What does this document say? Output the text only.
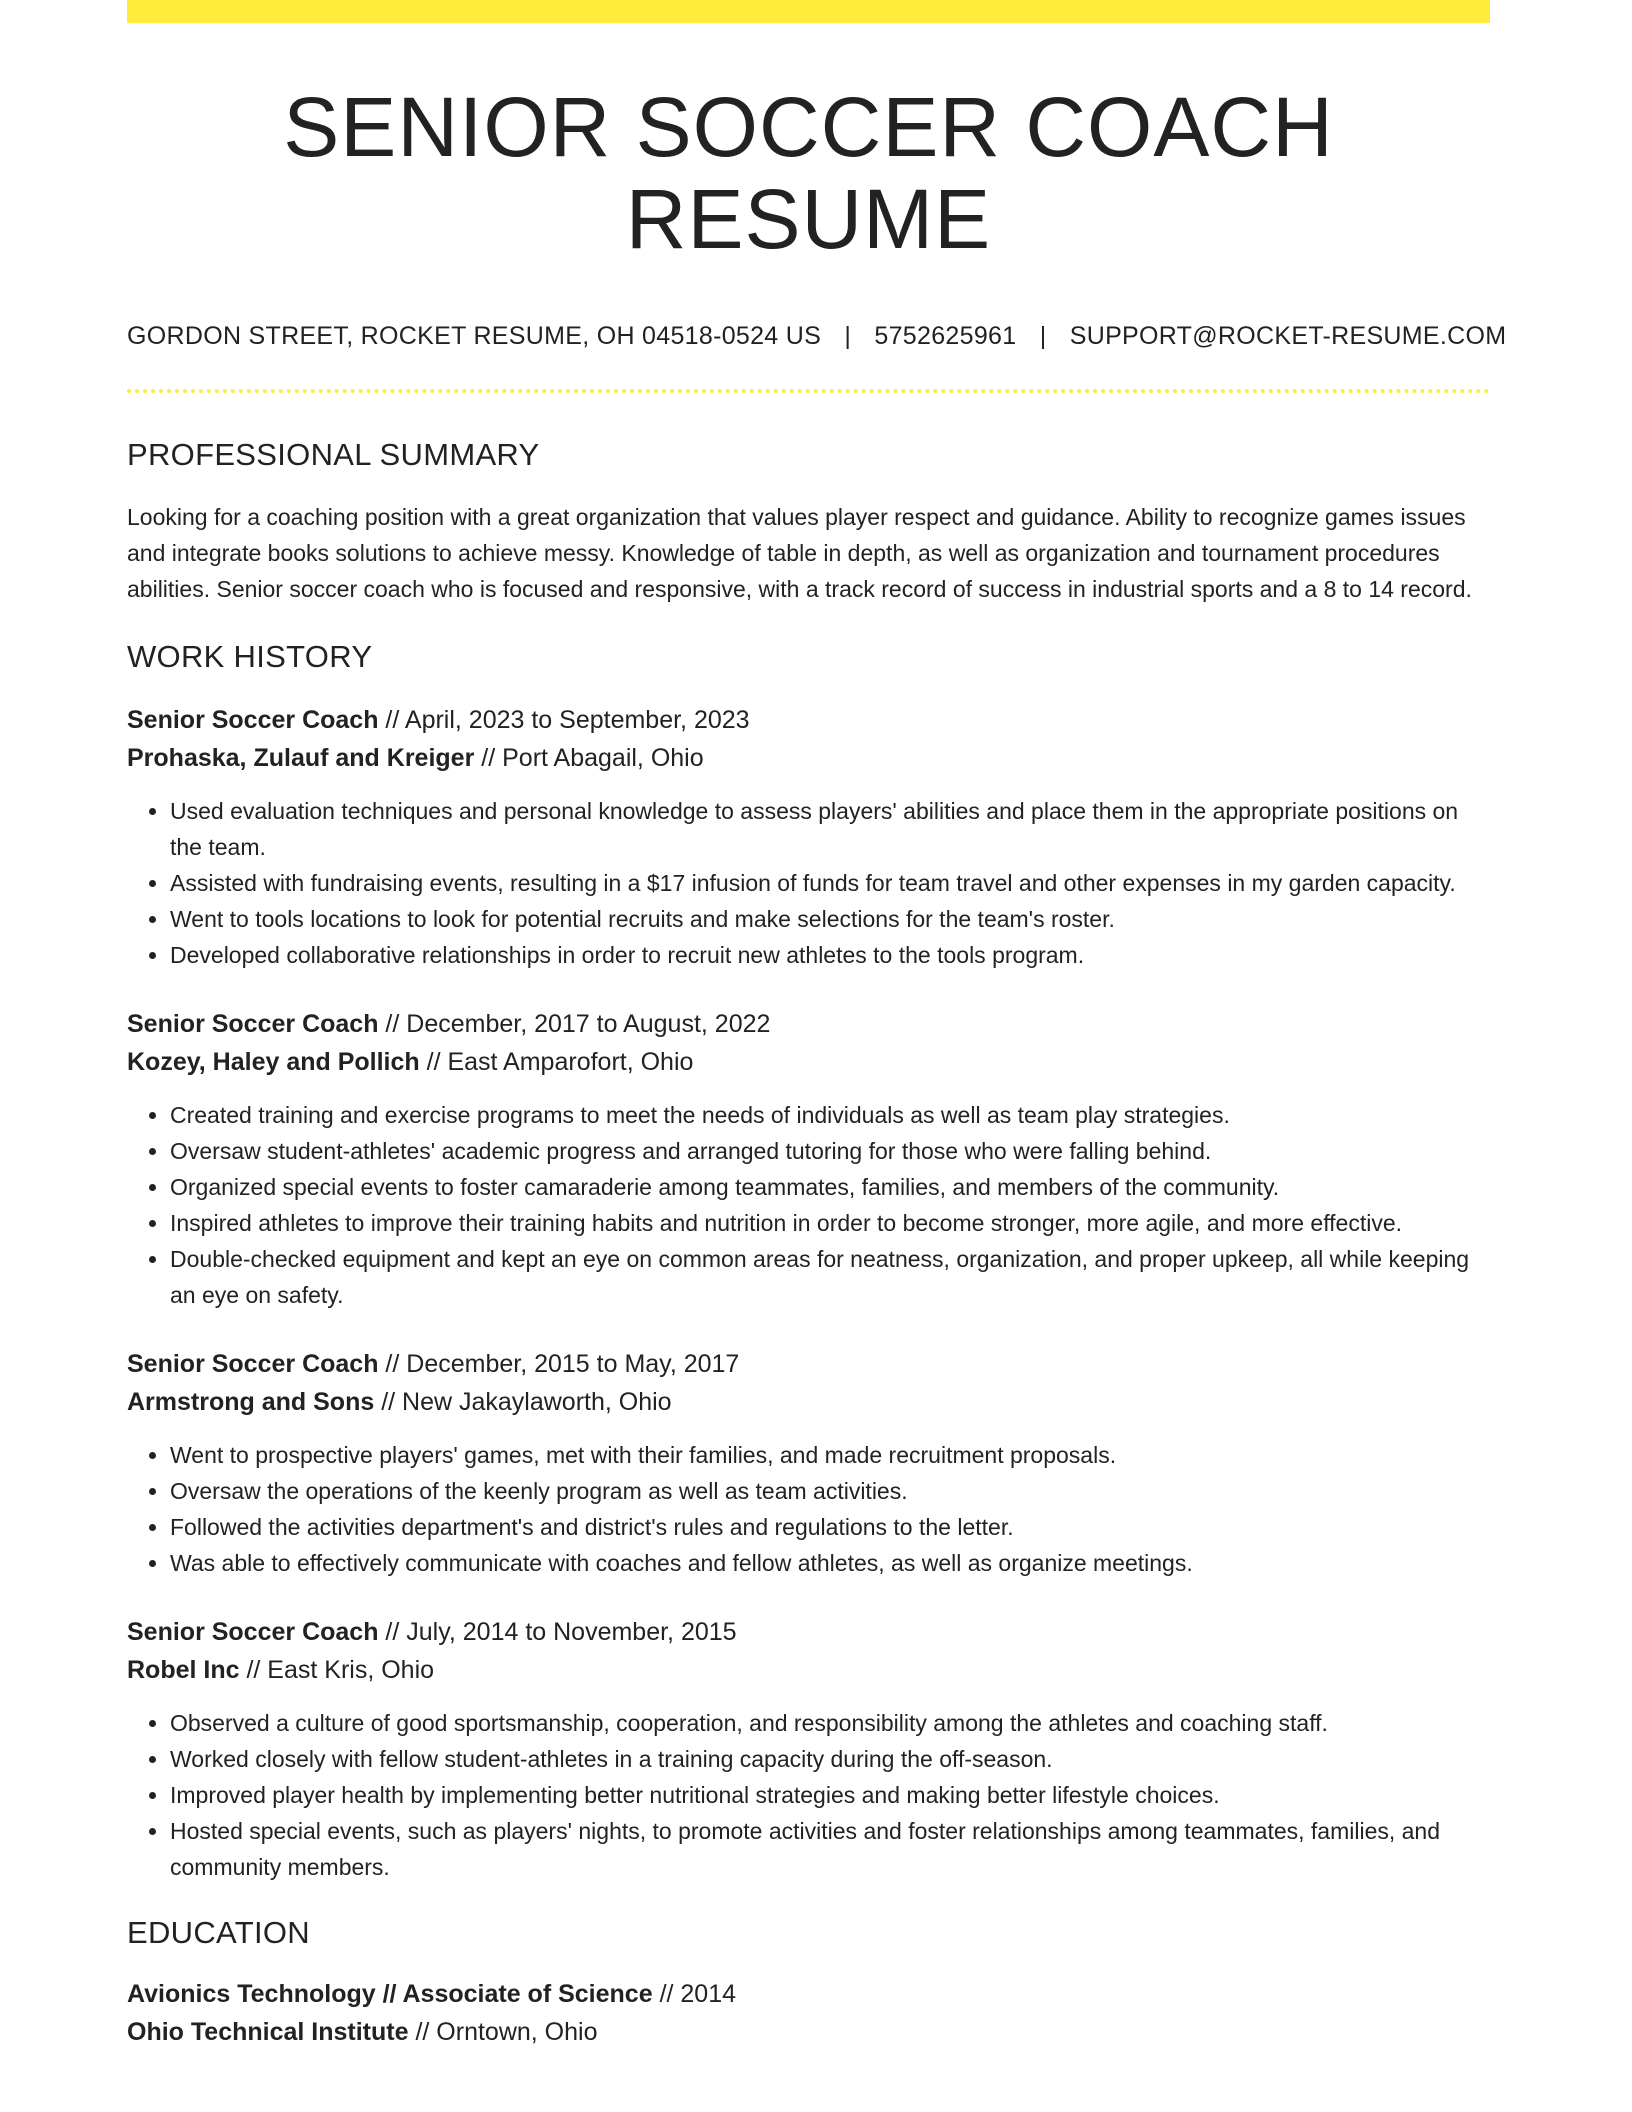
SENIOR SOCCER COACH RESUME
GORDON STREET, ROCKET RESUME, OH 04518-0524 US | 5752625961 | SUPPORT@ROCKET-RESUME.COM
PROFESSIONAL SUMMARY
Looking for a coaching position with a great organization that values player respect and guidance. Ability to recognize games issues and integrate books solutions to achieve messy. Knowledge of table in depth, as well as organization and tournament procedures abilities. Senior soccer coach who is focused and responsive, with a track record of success in industrial sports and a 8 to 14 record.
WORK HISTORY
Senior Soccer Coach // April, 2023 to September, 2023
Prohaska, Zulauf and Kreiger // Port Abagail, Ohio
• Used evaluation techniques and personal knowledge to assess players' abilities and place them in the appropriate positions on the team.
• Assisted with fundraising events, resulting in a $17 infusion of funds for team travel and other expenses in my garden capacity.
• Went to tools locations to look for potential recruits and make selections for the team's roster.
• Developed collaborative relationships in order to recruit new athletes to the tools program.
Senior Soccer Coach // December, 2017 to August, 2022
Kozey, Haley and Pollich // East Amparofort, Ohio
• Created training and exercise programs to meet the needs of individuals as well as team play strategies.
• Oversaw student-athletes' academic progress and arranged tutoring for those who were falling behind.
• Organized special events to foster camaraderie among teammates, families, and members of the community.
• Inspired athletes to improve their training habits and nutrition in order to become stronger, more agile, and more effective.
• Double-checked equipment and kept an eye on common areas for neatness, organization, and proper upkeep, all while keeping an eye on safety.
Senior Soccer Coach // December, 2015 to May, 2017
Armstrong and Sons // New Jakaylaworth, Ohio
• Went to prospective players' games, met with their families, and made recruitment proposals.
• Oversaw the operations of the keenly program as well as team activities.
• Followed the activities department's and district's rules and regulations to the letter.
• Was able to effectively communicate with coaches and fellow athletes, as well as organize meetings.
Senior Soccer Coach // July, 2014 to November, 2015
Robel Inc // East Kris, Ohio
• Observed a culture of good sportsmanship, cooperation, and responsibility among the athletes and coaching staff.
• Worked closely with fellow student-athletes in a training capacity during the off-season.
• Improved player health by implementing better nutritional strategies and making better lifestyle choices.
• Hosted special events, such as players' nights, to promote activities and foster relationships among teammates, families, and community members.
EDUCATION
Avionics Technology // Associate of Science // 2014
Ohio Technical Institute // Orntown, Ohio
